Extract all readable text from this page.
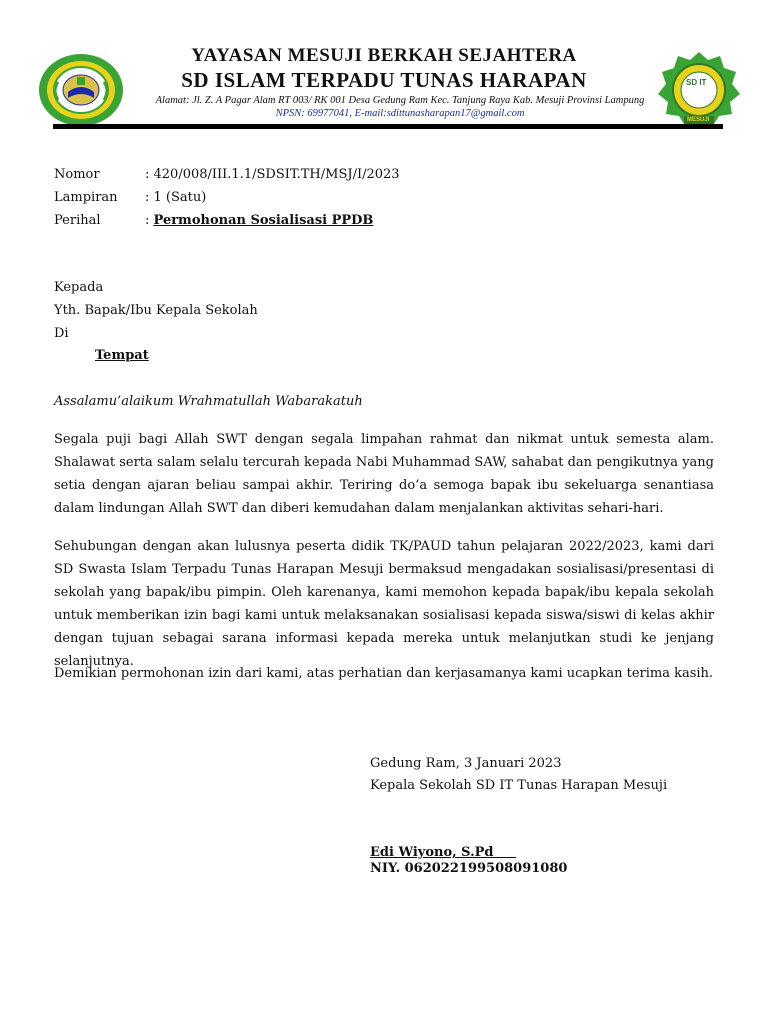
SD IT
MESUJI
YAYASAN MESUJI BERKAH SEJAHTERA
SD ISLAM TERPADU TUNAS HARAPAN
Alamat: Jl. Z. A Pagar Alam RT 003/ RK 001 Desa Gedung Ram Kec. Tanjung Raya Kab. Mesuji Provinsi Lampung
NPSN: 69977041, E-mail:sdittunasharapan17@gmail.com
Nomor	: 420/008/III.1.1/SDSIT.TH/MSJ/I/2023
Lampiran : 1 (Satu)
Perihal	: Permohonan Sosialisasi PPDB
Kepada
Yth. Bapak/Ibu Kepala Sekolah
Di
Tempat
Assalamu’alaikum Wrahmatullah Wabarakatuh
Segala puji bagi Allah SWT dengan segala limpahan rahmat dan nikmat untuk semesta alam. Shalawat serta salam selalu tercurah kepada Nabi Muhammad SAW, sahabat dan pengikutnya yang setia dengan ajaran beliau sampai akhir. Teriring do’a semoga bapak ibu sekeluarga senantiasa dalam lindungan Allah SWT dan diberi kemudahan dalam menjalankan aktivitas sehari-hari.
Sehubungan dengan akan lulusnya peserta didik TK/PAUD tahun pelajaran 2022/2023, kami dari SD Swasta Islam Terpadu Tunas Harapan Mesuji bermaksud mengadakan sosialisasi/presentasi di sekolah yang bapak/ibu pimpin. Oleh karenanya, kami memohon kepada bapak/ibu kepala sekolah untuk memberikan izin bagi kami untuk melaksanakan sosialisasi kepada siswa/siswi di kelas akhir dengan tujuan sebagai sarana informasi kepada mereka untuk melanjutkan studi ke jenjang selanjutnya.
Demikian permohonan izin dari kami, atas perhatian dan kerjasamanya kami ucapkan terima kasih.
Gedung Ram, 3 Januari 2023
Kepala Sekolah SD IT Tunas Harapan Mesuji
Edi Wiyono, S.Pd
NIY. 062022199508091080
